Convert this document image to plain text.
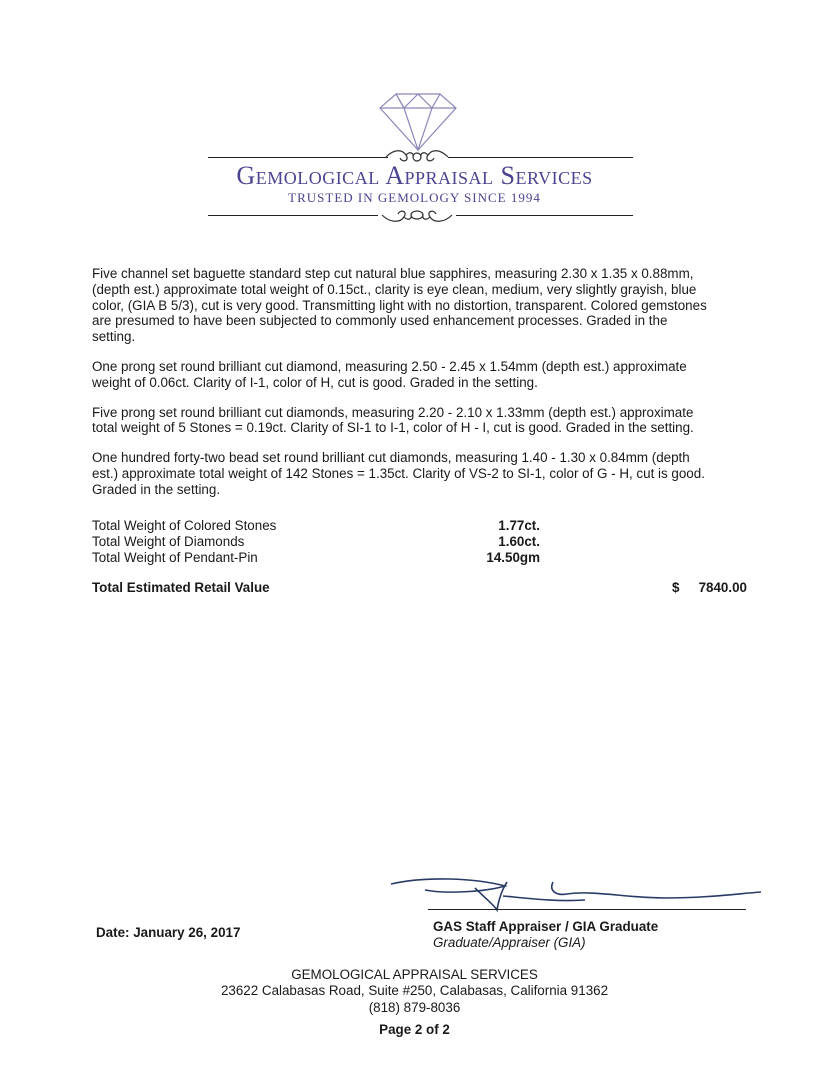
Gemological Appraisal Services
TRUSTED IN GEMOLOGY SINCE 1994

Five channel set baguette standard step cut natural blue sapphires, measuring 2.30 x 1.35 x 0.88mm, (depth est.) approximate total weight of 0.15ct., clarity is eye clean, medium, very slightly grayish, blue color, (GIA B 5/3), cut is very good. Transmitting light with no distortion, transparent. Colored gemstones are presumed to have been subjected to commonly used enhancement processes. Graded in the setting.

One prong set round brilliant cut diamond, measuring 2.50 - 2.45 x 1.54mm (depth est.) approximate weight of 0.06ct. Clarity of I-1, color of H, cut is good. Graded in the setting.

Five prong set round brilliant cut diamonds, measuring 2.20 - 2.10 x 1.33mm (depth est.) approximate total weight of 5 Stones = 0.19ct. Clarity of SI-1 to I-1, color of H - I, cut is good. Graded in the setting.

One hundred forty-two bead set round brilliant cut diamonds, measuring 1.40 - 1.30 x 0.84mm (depth est.) approximate total weight of 142 Stones = 1.35ct. Clarity of VS-2 to SI-1, color of G - H, cut is good. Graded in the setting.

Total Weight of Colored Stones	1.77ct.
Total Weight of Diamonds	1.60ct.
Total Weight of Pendant-Pin	14.50gm
Total Estimated Retail Value	$ 7840.00
Date: January 26, 2017	GAS Staff Appraiser / GIA Graduate
Graduate/Appraiser (GIA)
GEMOLOGICAL APPRAISAL SERVICES
23622 Calabasas Road, Suite #250, Calabasas, California 91362
(818) 879-8036
Page 2 of 2
